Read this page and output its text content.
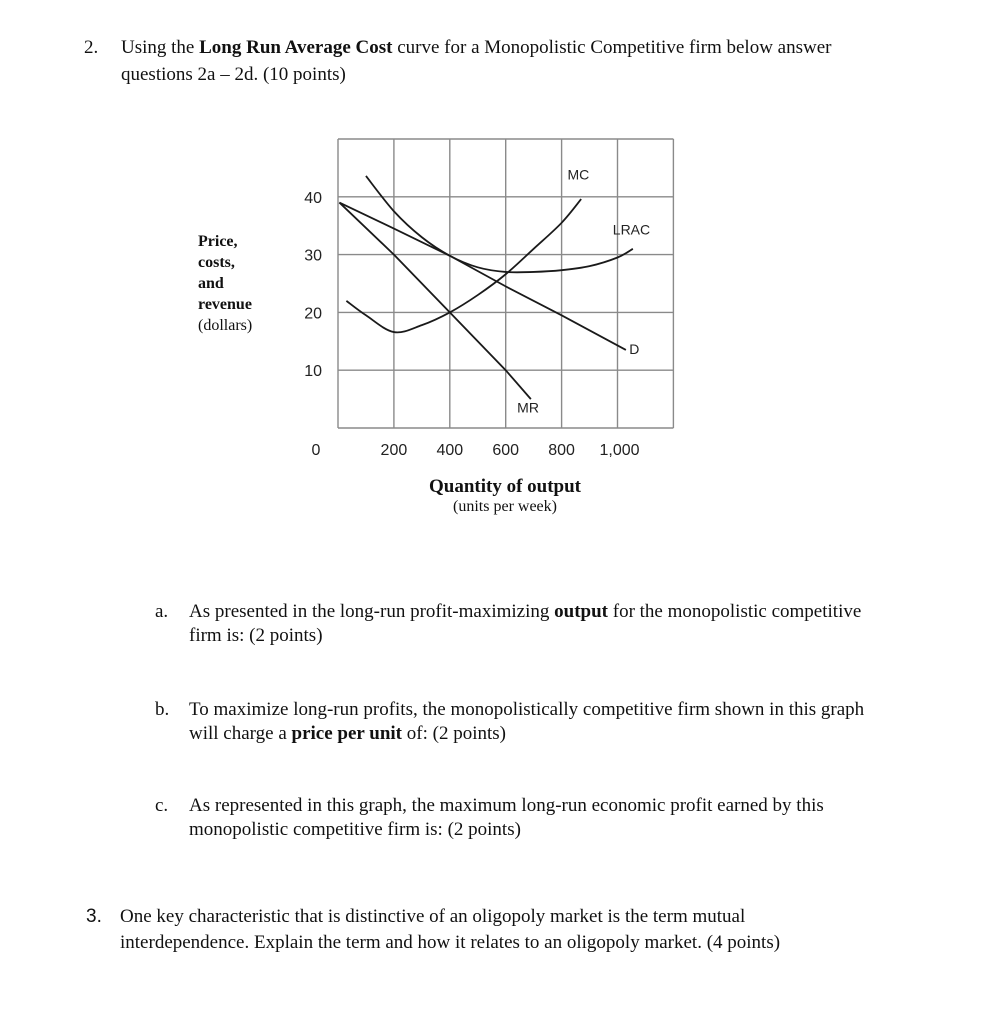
2. Using the Long Run Average Cost curve for a Monopolistic Competitive firm below answer
questions 2a – 2d. (10 points)
10
20
30
40
0	200 400 600 800 1,000
MC
LRAC
D
MR
Price,
costs,
and
revenue
(dollars)
Quantity of output
(units per week)
a. As presented in the long-run profit-maximizing output for the monopolistic competitive
firm is: (2 points)
b. To maximize long-run profits, the monopolistically competitive firm shown in this graph
will charge a price per unit of: (2 points)
c. As represented in this graph, the maximum long-run economic profit earned by this
monopolistic competitive firm is: (2 points)
3. One key characteristic that is distinctive of an oligopoly market is the term mutual
interdependence. Explain the term and how it relates to an oligopoly market. (4 points)
